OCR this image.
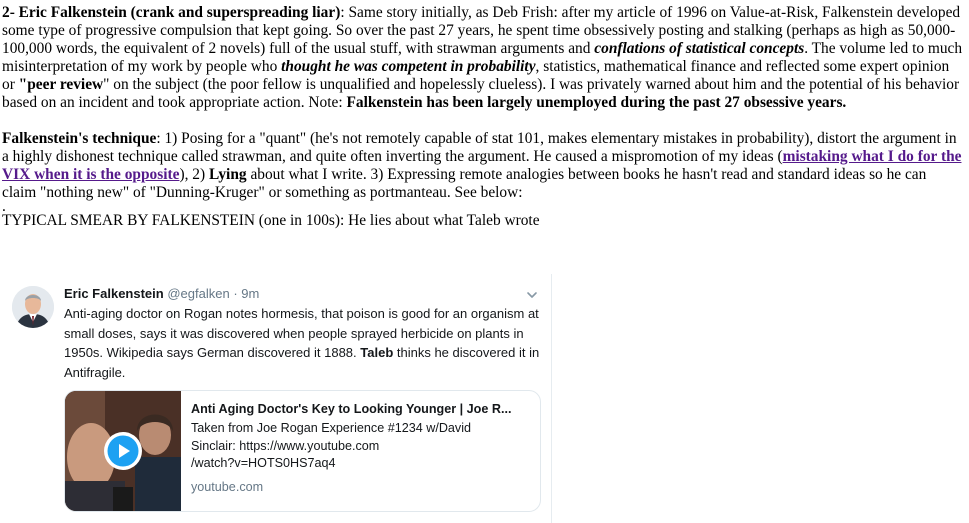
2- Eric Falkenstein (crank and superspreading liar): Same story initially, as Deb Frish: after my article of 1996 on Value-at-Risk, Falkenstein developed some type of progressive compulsion that kept going. So over the past 27 years, he spent time obsessively posting and stalking (perhaps as high as 50,000-100,000 words, the equivalent of 2 novels) full of the usual stuff, with strawman arguments and conflations of statistical concepts. The volume led to much misinterpretation of my work by people who thought he was competent in probability, statistics, mathematical finance and reflected some expert opinion or "peer review" on the subject (the poor fellow is unqualified and hopelessly clueless). I was privately warned about him and the potential of his behavior based on an incident and took appropriate action. Note: Falkenstein has been largely unemployed during the past 27 obsessive years.

Falkenstein's technique: 1) Posing for a "quant" (he's not remotely capable of stat 101, makes elementary mistakes in probability), distort the argument in a highly dishonest technique called strawman, and quite often inverting the argument. He caused a mispromotion of my ideas (mistaking what I do for the VIX when it is the opposite), 2) Lying about what I write. 3) Expressing remote analogies between books he hasn't read and standard ideas so he can claim "nothing new" of "Dunning-Kruger" or something as portmanteau. See below:

.

TYPICAL SMEAR BY FALKENSTEIN (one in 100s): He lies about what Taleb wrote

Eric Falkenstein @egfalken · 9m
Anti-aging doctor on Rogan notes hormesis, that poison is good for an organism at small doses, says it was discovered when people sprayed herbicide on plants in 1950s. Wikipedia says German discovered it 1888. Taleb thinks he discovered it in Antifragile.
Anti Aging Doctor's Key to Looking Younger | Joe R...
Taken from Joe Rogan Experience #1234 w/David
Sinclair: https://www.youtube.com
/watch?v=HOTS0HS7aq4
youtube.com
